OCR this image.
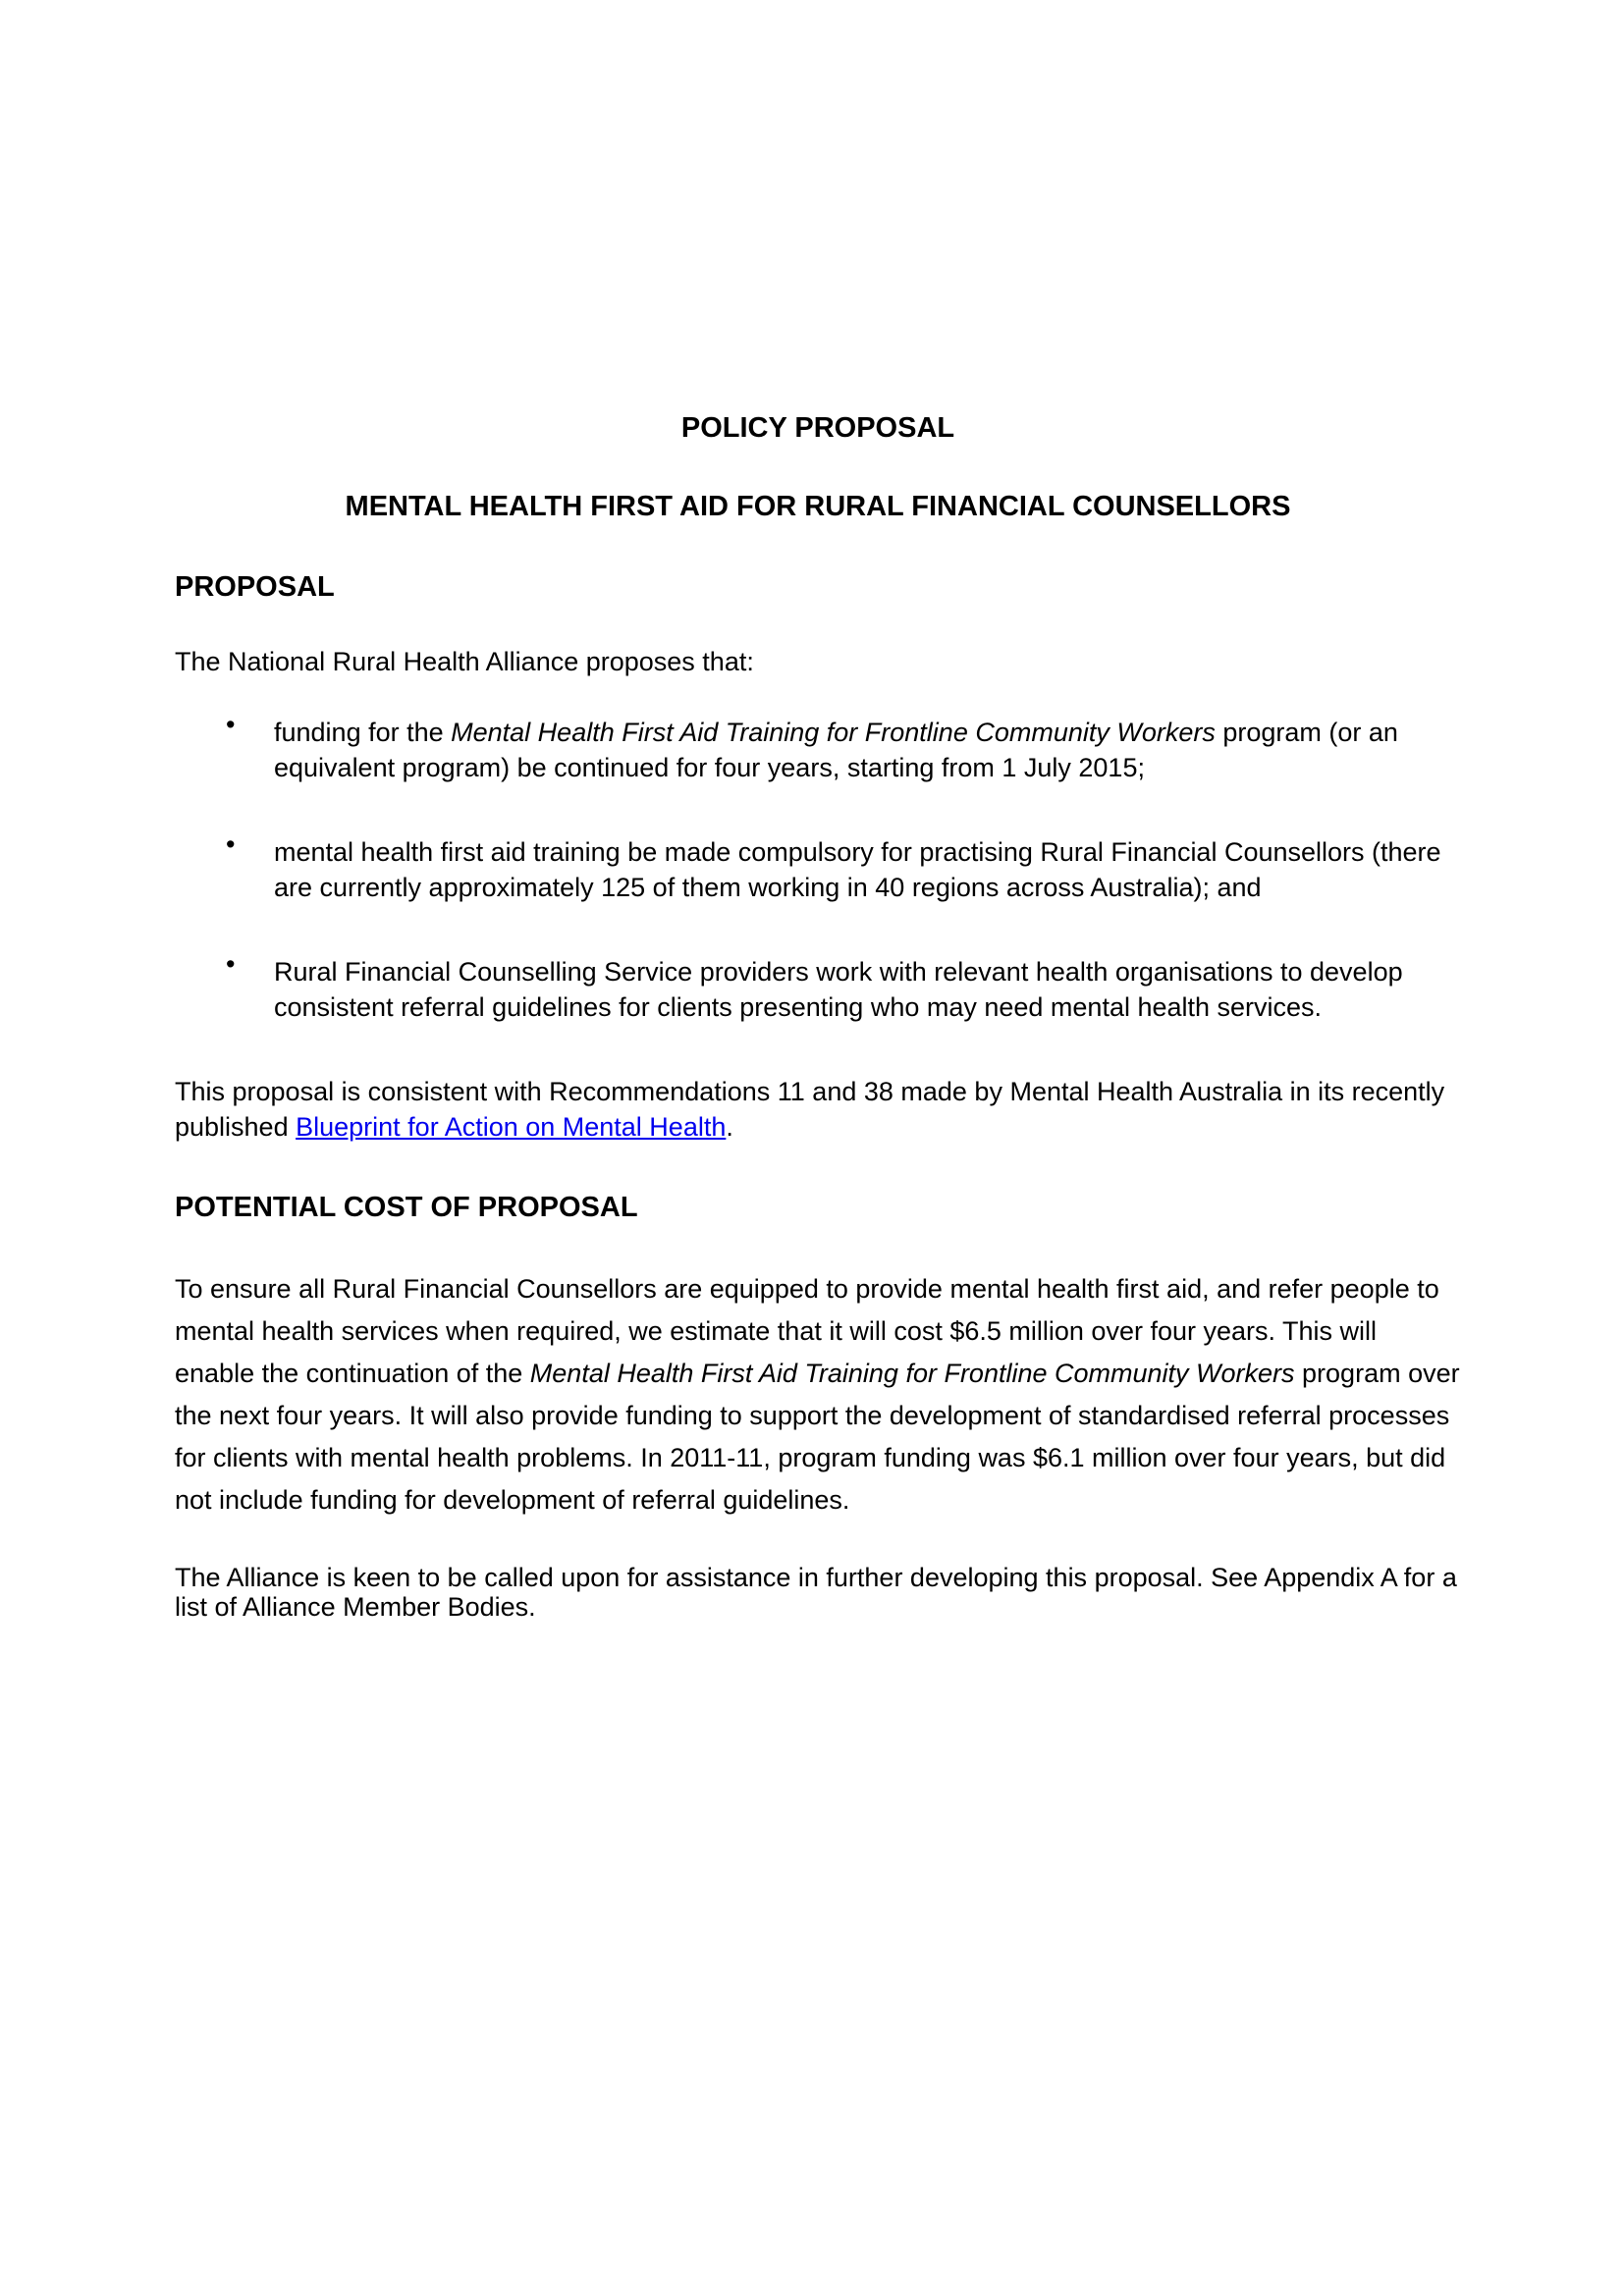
POLICY PROPOSAL
MENTAL HEALTH FIRST AID FOR RURAL FINANCIAL COUNSELLORS
PROPOSAL

The National Rural Health Alliance proposes that:

• funding for the Mental Health First Aid Training for Frontline Community Workers program (or an equivalent program) be continued for four years, starting from 1 July 2015;
• mental health first aid training be made compulsory for practising Rural Financial Counsellors (there are currently approximately 125 of them working in 40 regions across Australia); and
• Rural Financial Counselling Service providers work with relevant health organisations to develop consistent referral guidelines for clients presenting who may need mental health services.

This proposal is consistent with Recommendations 11 and 38 made by Mental Health Australia in its recently published Blueprint for Action on Mental Health.

POTENTIAL COST OF PROPOSAL

To ensure all Rural Financial Counsellors are equipped to provide mental health first aid, and refer people to mental health services when required, we estimate that it will cost $6.5 million over four years. This will enable the continuation of the Mental Health First Aid Training for Frontline Community Workers program over the next four years. It will also provide funding to support the development of standardised referral processes for clients with mental health problems. In 2011-11, program funding was $6.1 million over four years, but did not include funding for development of referral guidelines.

The Alliance is keen to be called upon for assistance in further developing this proposal. See Appendix A for a list of Alliance Member Bodies.
